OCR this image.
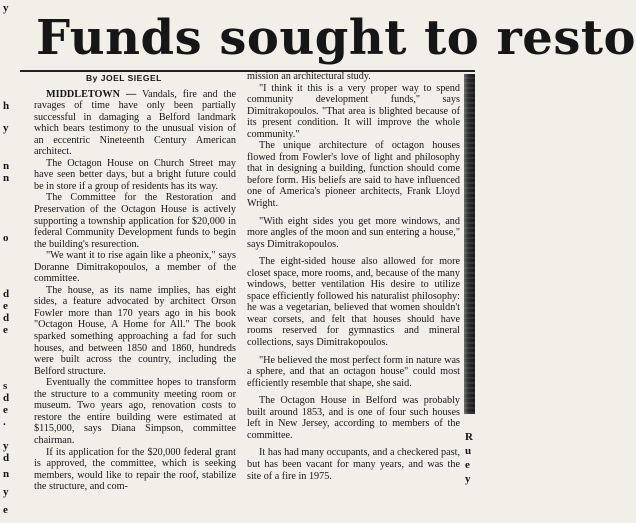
y
h
y
n
n
o
d
e
d
e
s
d
e
.
y
d
n
y
e
Funds sought to resto
By JOEL SIEGEL

MIDDLETOWN — Vandals, fire and the ravages of time have only been partially successful in damaging a Belford landmark which bears testimony to the unusual vision of an eccentric Nineteenth Century American architect.

The Octagon House on Church Street may have seen better days, but a bright future could be in store if a group of residents has its way.

The Committee for the Restoration and Preservation of the Octagon House is actively supporting a township application for $20,000 in federal Community Development funds to begin the building's resurection.

"We want it to rise again like a pheonix," says Doranne Dimitrakopoulos, a member of the committee.

The house, as its name implies, has eight sides, a feature advocated by architect Orson Fowler more than 170 years ago in his book "Octagon House, A Home for All." The book sparked something approaching a fad for such houses, and between 1850 and 1860, hundreds were built across the country, including the Belford structure.

Eventually the committee hopes to transform the structure to a community meeting room or museum. Two years ago, renovation costs to restore the entire building were estimated at $115,000, says Diana Simpson, committee chairman.

If its application for the $20,000 federal grant is approved, the committee, which is seeking members, would like to repair the roof, stabilize the structure, and com-

mission an architectural study.

"I think it this is a very proper way to spend community development funds," says Dimitrakopoulos. "That area is blighted because of its present condition. It will improve the whole community."

The unique architecture of octagon houses flowed from Fowler's love of light and philosophy that in designing a building, function should come before form. His beliefs are said to have influenced one of America's pioneer architects, Frank Lloyd Wright.

"With eight sides you get more windows, and more angles of the moon and sun entering a house," says Dimitrakopoulos.

The eight-sided house also allowed for more closet space, more rooms, and, because of the many windows, better ventilation His desire to utilize space efficiently followed his naturalist philosophy: he was a vegetarian, believed that women shouldn't wear corsets, and felt that houses should have rooms reserved for gymnastics and mineral collections, says Dimitrakopoulos.

"He believed the most perfect form in nature was a sphere, and that an octagon house" could most efficiently resemble that shape, she said.

The Octagon House in Belford was probably built around 1853, and is one of four such houses left in New Jersey, according to members of the committee.

It has had many occupants, and a checkered past, but has been vacant for many years, and was the site of a fire in 1975.

R
u
e
y
